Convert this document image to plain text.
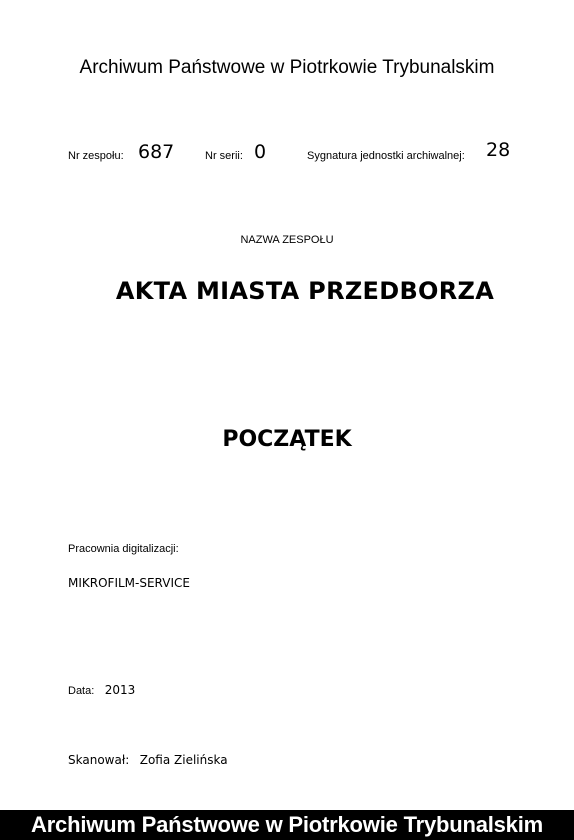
Archiwum Państwowe w Piotrkowie Trybunalskim
Nr zespołu: 687	Nr serii: 0	Sygnatura jednostki archiwalnej: 28
NAZWA ZESPOŁU
AKTA MIASTA PRZEDBORZA
POCZĄTEK
Pracownia digitalizacji:
MIKROFILM-SERVICE
Data: 2013
Skanował: Zofia Zielińska
Archiwum Państwowe w Piotrkowie Trybunalskim
